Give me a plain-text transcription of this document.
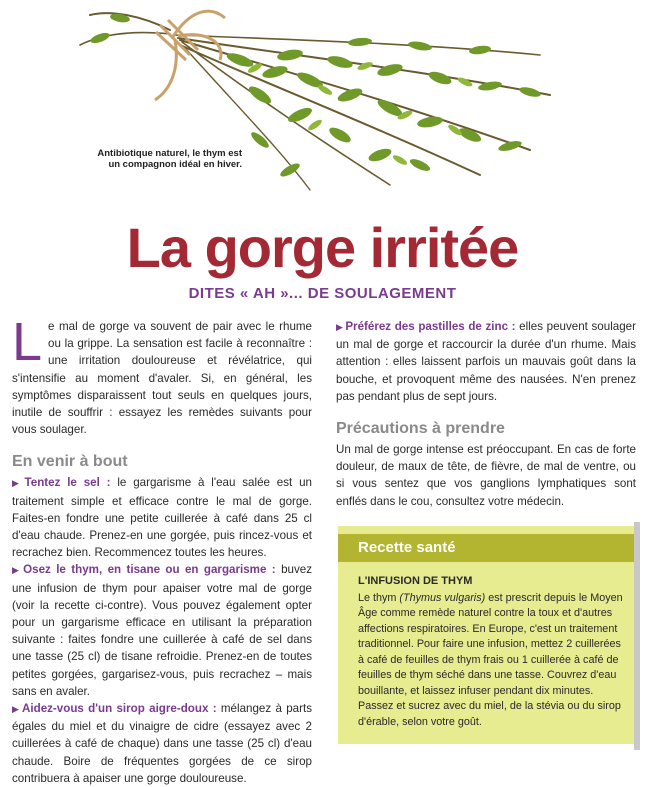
Antibiotique naturel, le thym est un compagnon idéal en hiver.
La gorge irritée
DITES « AH »... DE SOULAGEMENT

Le mal de gorge va souvent de pair avec le rhume ou la grippe. La sensation est facile à reconnaître : une irritation douloureuse et révélatrice, qui s'intensifie au moment d'avaler. Si, en général, les symptômes disparaissent tout seuls en quelques jours, inutile de souffrir : essayez les remèdes suivants pour vous soulager.

En venir à bout

▶ Tentez le sel : le gargarisme à l'eau salée est un traitement simple et efficace contre le mal de gorge. Faites-en fondre une petite cuillerée à café dans 25 cl d'eau chaude. Prenez-en une gorgée, puis rincez-vous et recrachez bien. Recommencez toutes les heures.

▶ Osez le thym, en tisane ou en gargarisme : buvez une infusion de thym pour apaiser votre mal de gorge (voir la recette ci-contre). Vous pouvez également opter pour un gargarisme efficace en utilisant la préparation suivante : faites fondre une cuillerée à café de sel dans une tasse (25 cl) de tisane refroidie. Prenez-en de toutes petites gorgées, gargarisez-vous, puis recrachez – mais sans en avaler.

▶ Aidez-vous d'un sirop aigre-doux : mélangez à parts égales du miel et du vinaigre de cidre (essayez avec 2 cuillerées à café de chaque) dans une tasse (25 cl) d'eau chaude. Boire de fréquentes gorgées de ce sirop contribuera à apaiser une gorge douloureuse.

▶ Préférez des pastilles de zinc : elles peuvent soulager un mal de gorge et raccourcir la durée d'un rhume. Mais attention : elles laissent parfois un mauvais goût dans la bouche, et provoquent même des nausées. N'en prenez pas pendant plus de sept jours.

Précautions à prendre

Un mal de gorge intense est préoccupant. En cas de forte douleur, de maux de tête, de fièvre, de mal de ventre, ou si vous sentez que vos ganglions lymphatiques sont enflés dans le cou, consultez votre médecin.

Recette santé
L'INFUSION DE THYM

Le thym (Thymus vulgaris) est prescrit depuis le Moyen Âge comme remède naturel contre la toux et d'autres affections respiratoires. En Europe, c'est un traitement traditionnel. Pour faire une infusion, mettez 2 cuillerées à café de feuilles de thym frais ou 1 cuillerée à café de feuilles de thym séché dans une tasse. Couvrez d'eau bouillante, et laissez infuser pendant dix minutes. Passez et sucrez avec du miel, de la stévia ou du sirop d'érable, selon votre goût.
